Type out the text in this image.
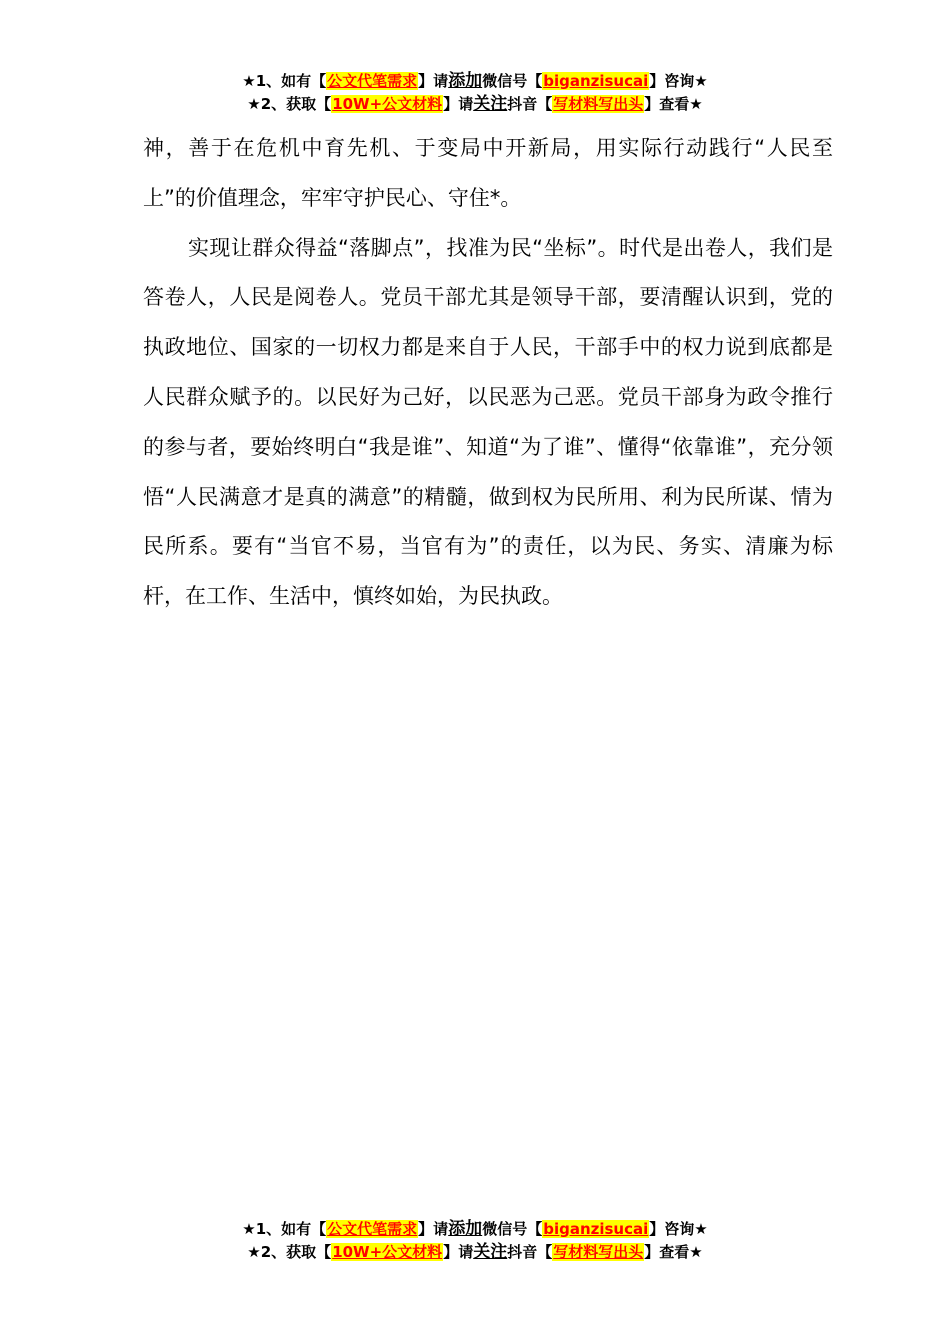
★1、如有【公文代笔需求】请添加微信号【biganzisucai】咨询★
★2、获取【10W+公文材料】请关注抖音【写材料写出头】查看★

神，善于在危机中育先机、于变局中开新局，用实际行动践行“人民至上”的价值理念，牢牢守护民心、守住*。

实现让群众得益“落脚点”，找准为民“坐标”。时代是出卷人，我们是答卷人，人民是阅卷人。党员干部尤其是领导干部，要清醒认识到，党的执政地位、国家的一切权力都是来自于人民，干部手中的权力说到底都是人民群众赋予的。以民好为己好，以民恶为己恶。党员干部身为政令推行的参与者，要始终明白“我是谁”、知道“为了谁”、懂得“依靠谁”，充分领悟“人民满意才是真的满意”的精髓，做到权为民所用、利为民所谋、情为民所系。要有“当官不易，当官有为”的责任，以为民、务实、清廉为标杆，在工作、生活中，慎终如始，为民执政。

★1、如有【公文代笔需求】请添加微信号【biganzisucai】咨询★
★2、获取【10W+公文材料】请关注抖音【写材料写出头】查看★
